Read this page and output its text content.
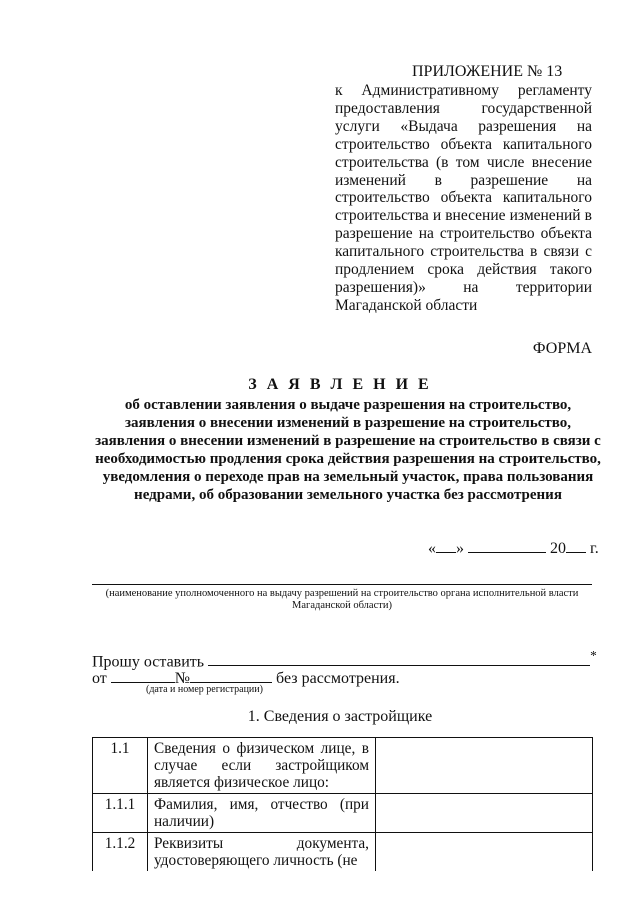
ПРИЛОЖЕНИЕ № 13
к Административному регламенту предоставления государственной услуги «Выдача разрешения на строительство объекта капитального строительства (в том числе внесение изменений в разрешение на строительство объекта капитального строительства и внесение изменений в разрешение на строительство объекта капитального строительства в связи с продлением срока действия такого разрешения)» на территории Магаданской области
ФОРМА
З А Я В Л Е Н И Е
об оставлении заявления о выдаче разрешения на строительство, заявления о внесении изменений в разрешение на строительство, заявления о внесении изменений в разрешение на строительство в связи с необходимостью продления срока действия разрешения на строительство, уведомления о переходе прав на земельный участок, права пользования недрами, об образовании земельного участка без рассмотрения
« »	20 г.
(наименование уполномоченного на выдачу разрешений на строительство органа исполнительной власти Магаданской области)
Прошу оставить	*
от	№	без рассмотрения.
(дата и номер регистрации)
1. Сведения о застройщике
1.1	Сведения о физическом лице, в случае если застройщиком является физическое лицо:	
1.1.1	Фамилия, имя, отчество (при наличии)	
1.1.2	Реквизиты документа, удостоверяющего личность (не	
